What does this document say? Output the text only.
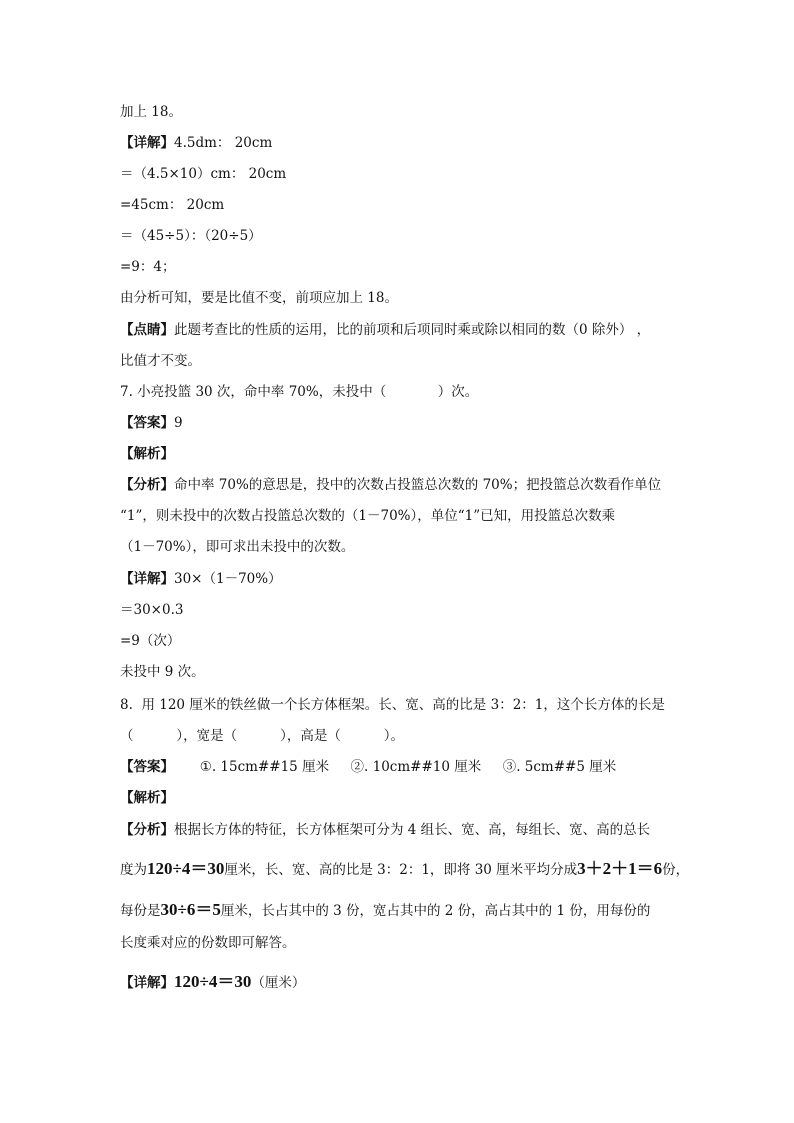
加上 18。
【详解】4.5dm： 20cm
＝（4.5×10）cm： 20cm
=45cm： 20cm
＝（45÷5）：（20÷5）
=9：4；
由分析可知，要是比值不变，前项应加上 18。
【点睛】此题考查比的性质的运用，比的前项和后项同时乘或除以相同的数（0 除外） ，
比值才不变。
7. 小亮投篮 30 次，命中率 70%，未投中（            ）次。
【答案】9
【解析】
【分析】命中率 70%的意思是，投中的次数占投篮总次数的 70%；把投篮总次数看作单位
“1”，则未投中的次数占投篮总次数的（1－70%），单位“1”已知，用投篮总次数乘
（1－70%），即可求出未投中的次数。
【详解】30×（1－70%）
＝30×0.3
=9（次）
未投中 9 次。
8.  用 120 厘米的铁丝做一个长方体框架。长、宽、高的比是 3：2：1，这个长方体的长是
（          ），宽是（          ），高是（          ）。
【答案】      ①. 15cm##15 厘米     ②. 10cm##10 厘米     ③. 5cm##5 厘米
【解析】
【分析】根据长方体的特征，长方体框架可分为 4 组长、宽、高，每组长、宽、高的总长
度为120÷4＝30厘米，长、宽、高的比是 3：2：1，即将 30 厘米平均分成3＋2＋1＝6份，
每份是30÷6＝5厘米，长占其中的 3 份，宽占其中的 2 份，高占其中的 1 份，用每份的
长度乘对应的份数即可解答。
【详解】120÷4＝30（厘米）
